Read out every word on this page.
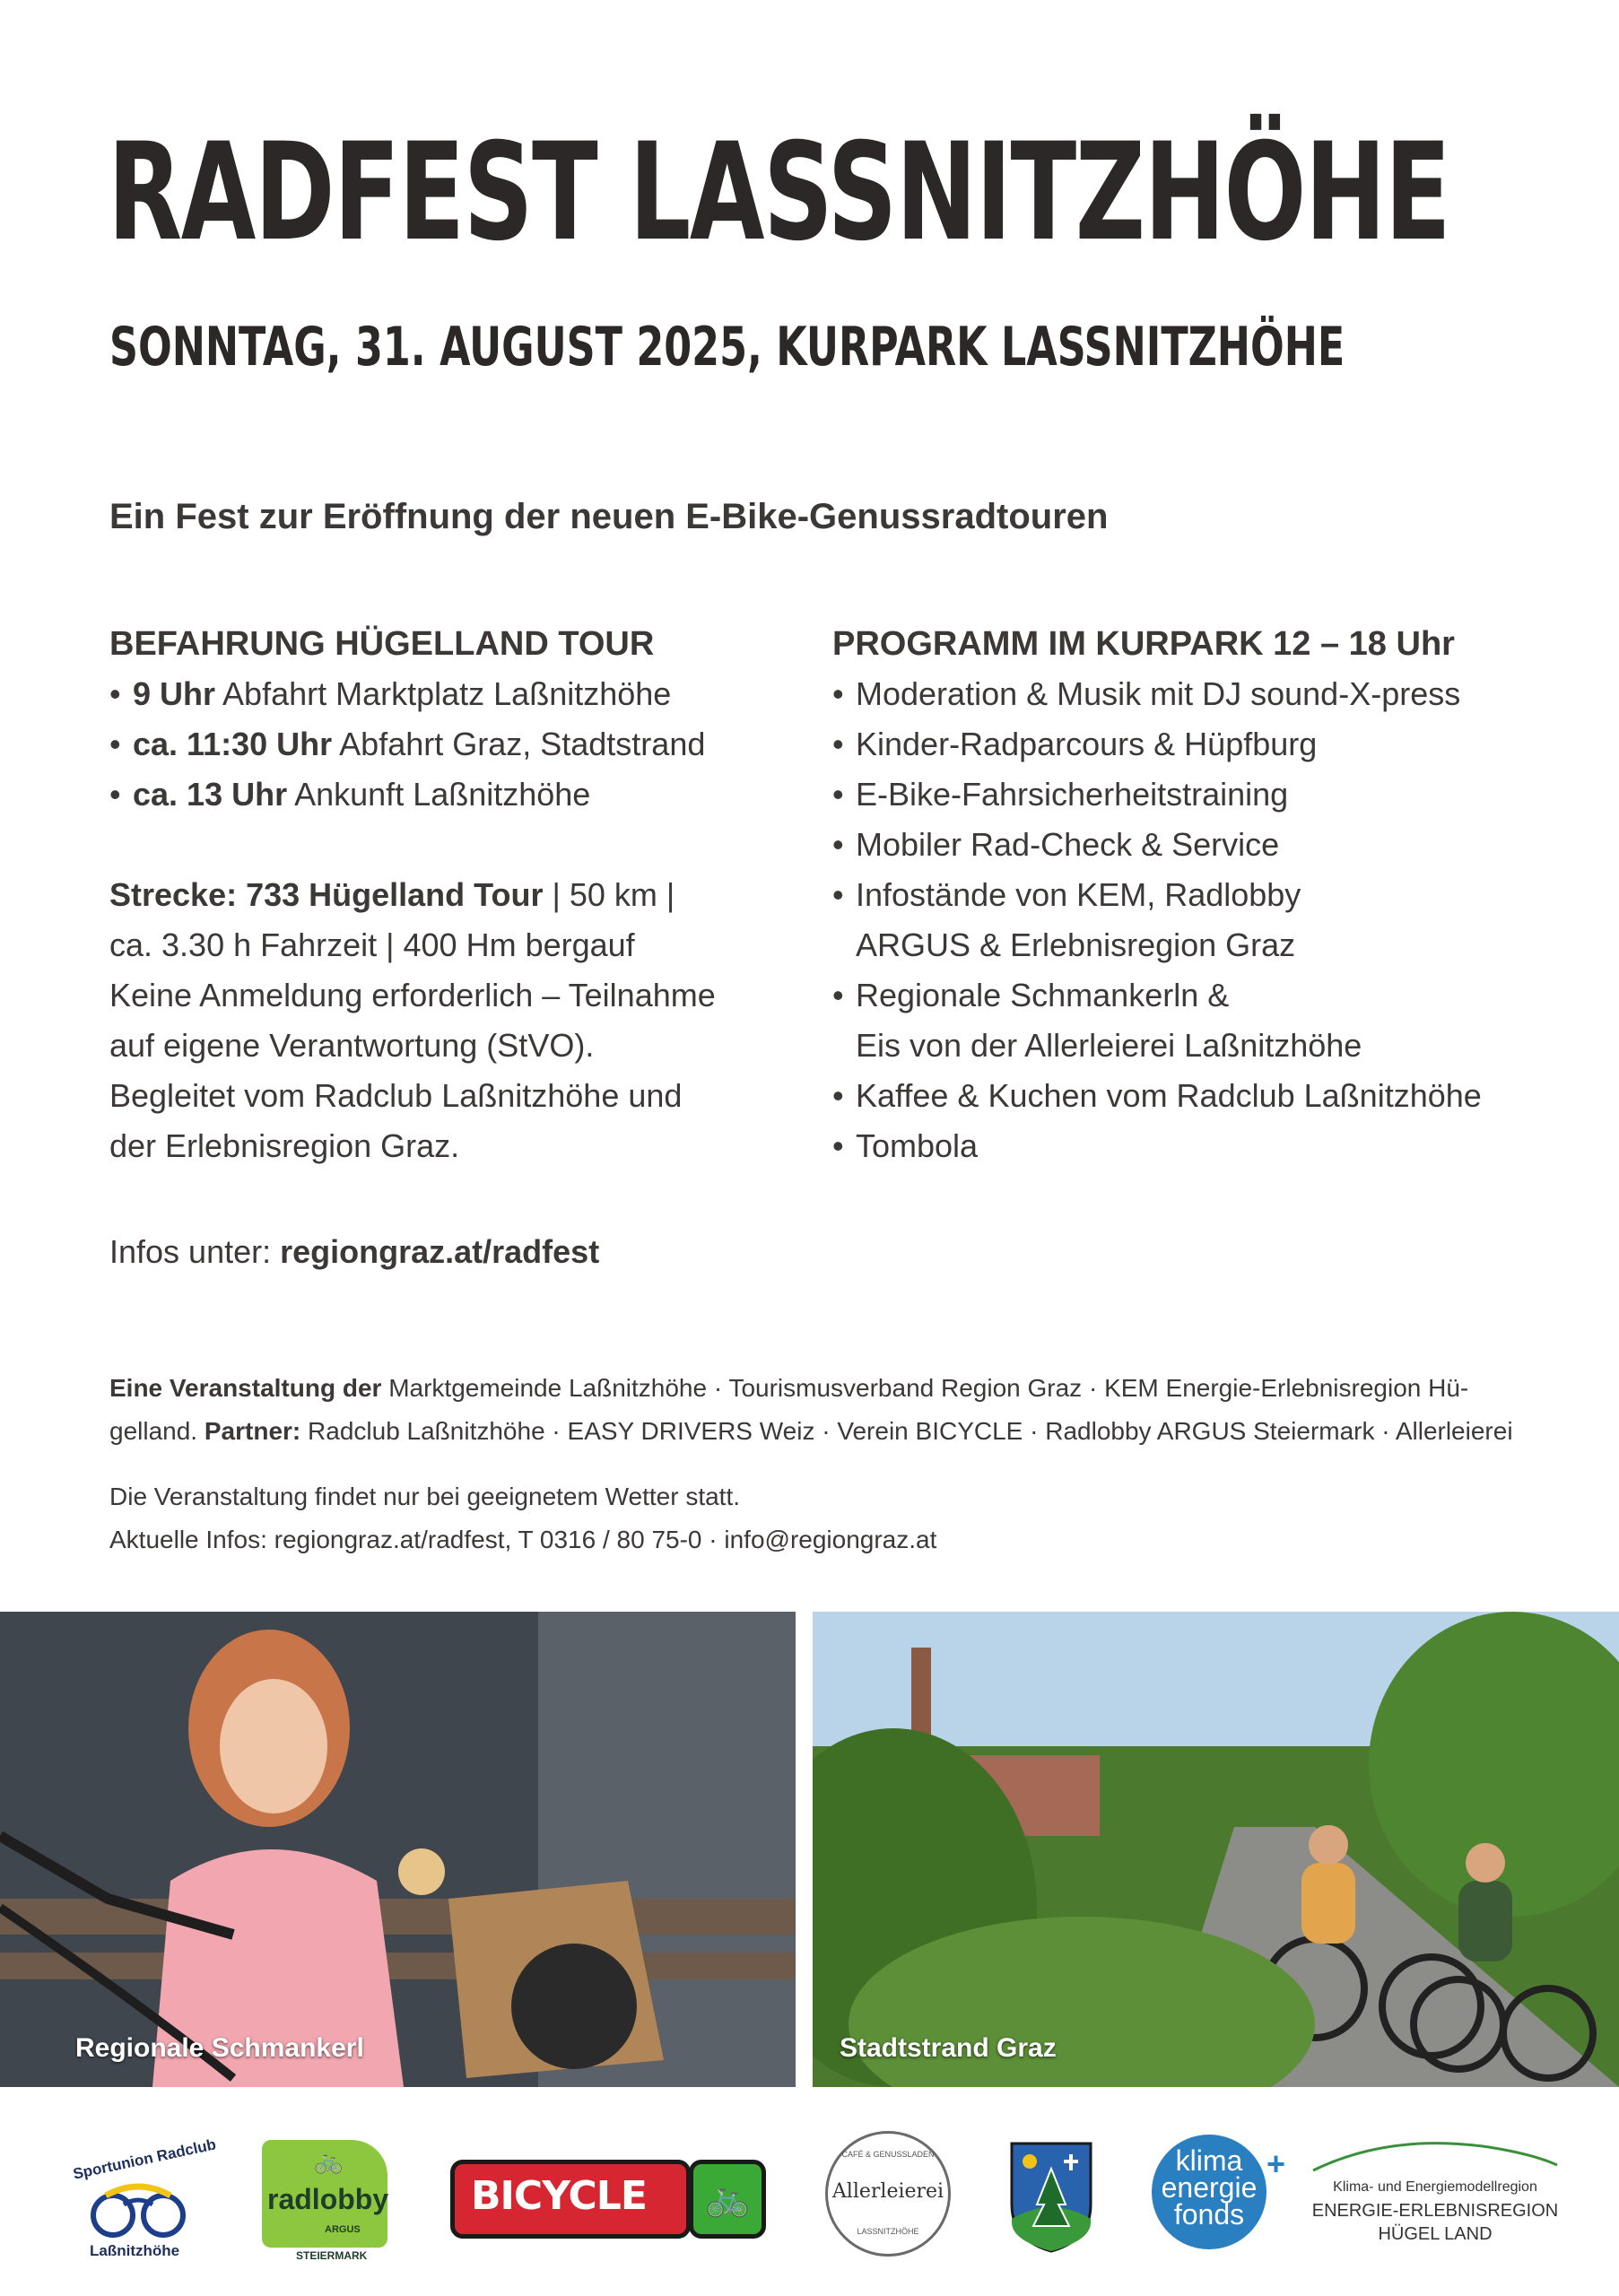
RADFEST LASSNITZHÖHE
SONNTAG, 31. AUGUST 2025, KURPARK LASSNITZHÖHE
Ein Fest zur Eröffnung der neuen E-Bike-Genussradtouren
BEFAHRUNG HÜGELLAND TOUR
• 9 Uhr Abfahrt Marktplatz Laßnitzhöhe
• ca. 11:30 Uhr Abfahrt Graz, Stadtstrand
• ca. 13 Uhr Ankunft Laßnitzhöhe

Strecke: 733 Hügelland Tour | 50 km |

ca. 3.30 h Fahrzeit | 400 Hm bergauf

Keine Anmeldung erforderlich – Teilnahme

auf eigene Verantwortung (StVO).

Begleitet vom Radclub Laßnitzhöhe und

der Erlebnisregion Graz.

PROGRAMM IM KURPARK 12 – 18 Uhr
• Moderation & Musik mit DJ sound-X-press
• Kinder-Radparcours & Hüpfburg
• E-Bike-Fahrsicherheitstraining
• Mobiler Rad-Check & Service
• Infostände von KEM, Radlobby
ARGUS & Erlebnisregion Graz
• Regionale Schmankerln &
Eis von der Allerleierei Laßnitzhöhe
• Kaffee & Kuchen vom Radclub Laßnitzhöhe
• Tombola
Infos unter: regiongraz.at/radfest
Eine Veranstaltung der Marktgemeinde Laßnitzhöhe · Tourismusverband Region Graz · KEM Energie-Erlebnisregion Hü-
gelland. Partner: Radclub Laßnitzhöhe · EASY DRIVERS Weiz · Verein BICYCLE · Radlobby ARGUS Steiermark · Allerleierei
Die Veranstaltung findet nur bei geeignetem Wetter statt.
Aktuelle Infos: regiongraz.at/radfest, T 0316 / 80 75-0 · info@regiongraz.at
Regionale Schmankerl	Stadtstrand Graz
Sportunion Radclub
Laßnitzhöhe
🚲
radlobby
ARGUS
STEIERMARK
BICYCLE	🚲
CAFÉ & GENUSSLADEN
Allerleierei
LASSNITZHÖHE
klima
energie
fonds
+
Klima- und Energiemodellregion
ENERGIE-ERLEBNISREGION
HÜGEL LAND
